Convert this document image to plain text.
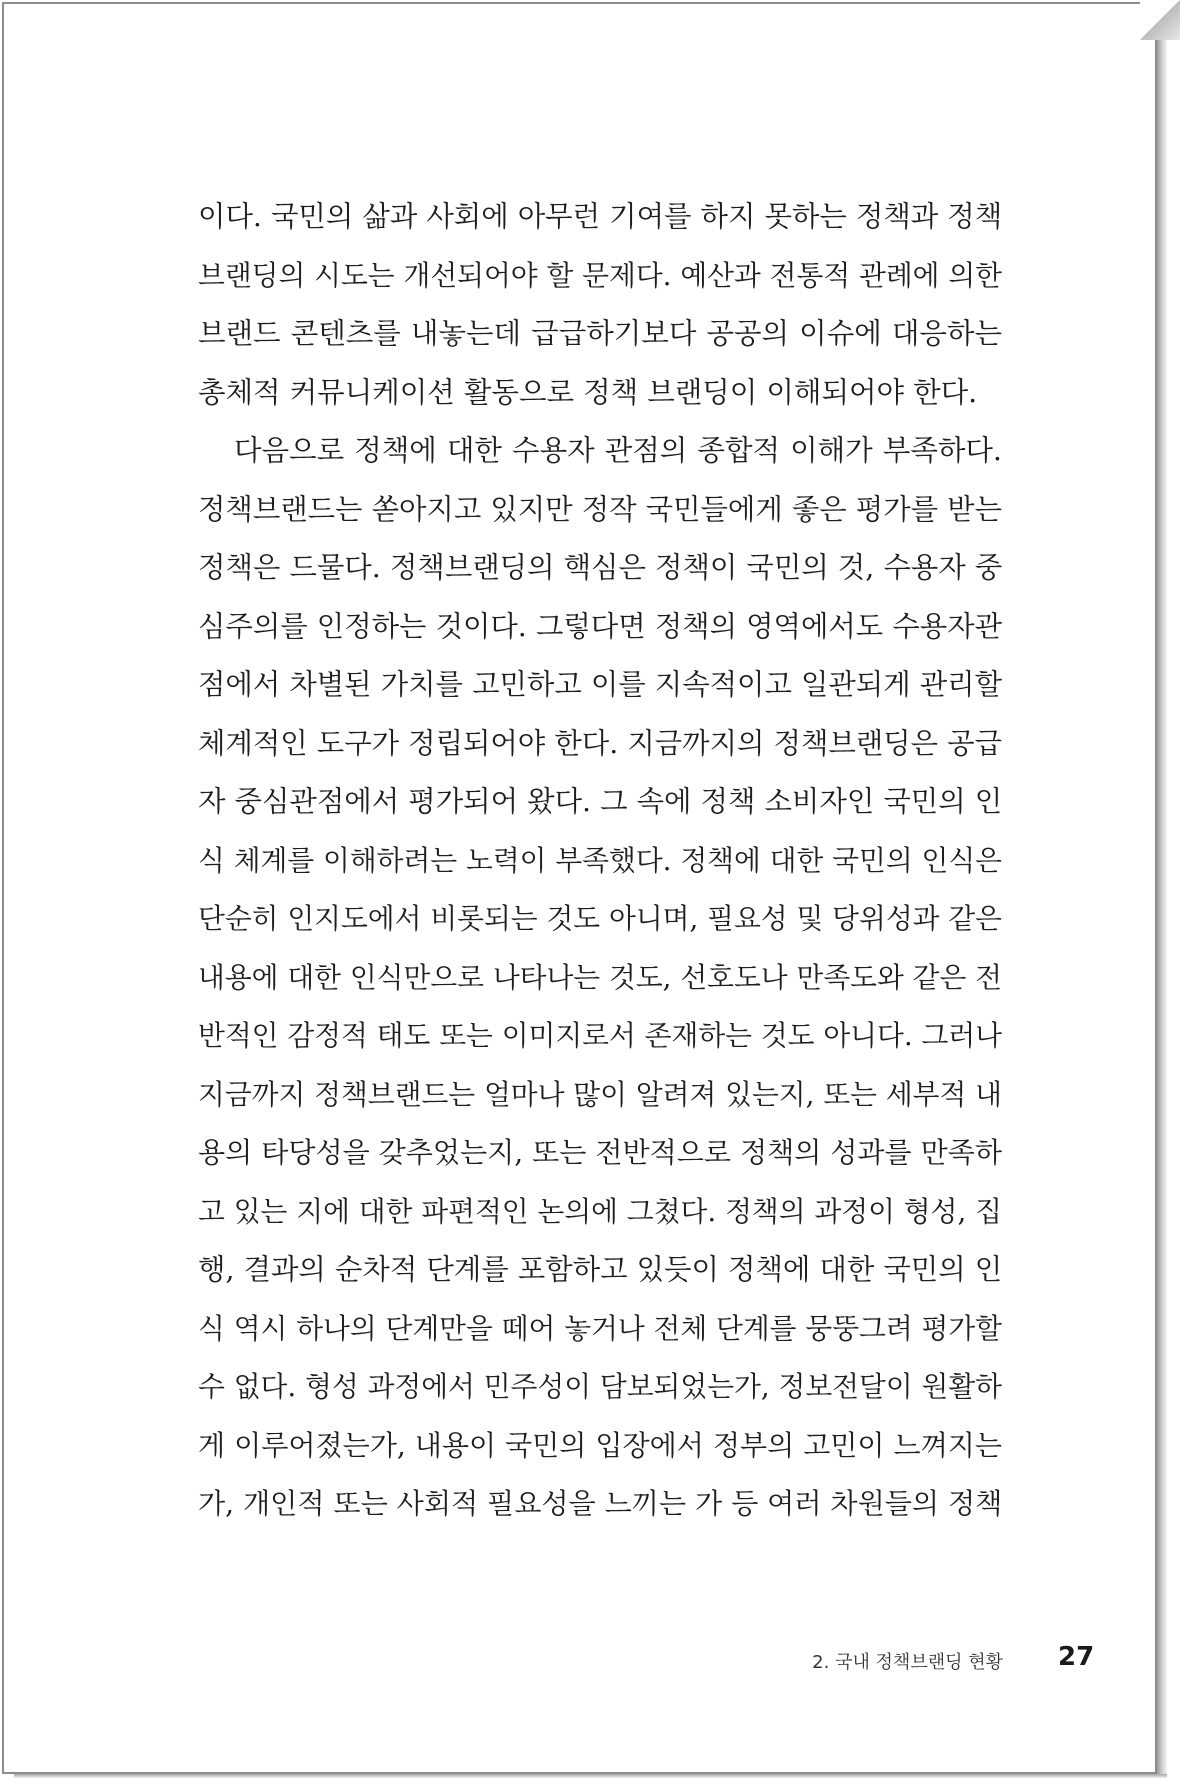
이다. 국민의 삶과 사회에 아무런 기여를 하지 못하는 정책과 정책
브랜딩의 시도는 개선되어야 할 문제다. 예산과 전통적 관례에 의한
브랜드 콘텐츠를 내놓는데 급급하기보다 공공의 이슈에 대응하는
총체적 커뮤니케이션 활동으로 정책 브랜딩이 이해되어야 한다.
다음으로 정책에 대한 수용자 관점의 종합적 이해가 부족하다.
정책브랜드는 쏟아지고 있지만 정작 국민들에게 좋은 평가를 받는
정책은 드물다. 정책브랜딩의 핵심은 정책이 국민의 것, 수용자 중
심주의를 인정하는 것이다. 그렇다면 정책의 영역에서도 수용자관
점에서 차별된 가치를 고민하고 이를 지속적이고 일관되게 관리할
체계적인 도구가 정립되어야 한다. 지금까지의 정책브랜딩은 공급
자 중심관점에서 평가되어 왔다. 그 속에 정책 소비자인 국민의 인
식 체계를 이해하려는 노력이 부족했다. 정책에 대한 국민의 인식은
단순히 인지도에서 비롯되는 것도 아니며, 필요성 및 당위성과 같은
내용에 대한 인식만으로 나타나는 것도, 선호도나 만족도와 같은 전
반적인 감정적 태도 또는 이미지로서 존재하는 것도 아니다. 그러나
지금까지 정책브랜드는 얼마나 많이 알려져 있는지, 또는 세부적 내
용의 타당성을 갖추었는지, 또는 전반적으로 정책의 성과를 만족하
고 있는 지에 대한 파편적인 논의에 그쳤다. 정책의 과정이 형성, 집
행, 결과의 순차적 단계를 포함하고 있듯이 정책에 대한 국민의 인
식 역시 하나의 단계만을 떼어 놓거나 전체 단계를 뭉뚱그려 평가할
수 없다. 형성 과정에서 민주성이 담보되었는가, 정보전달이 원활하
게 이루어졌는가, 내용이 국민의 입장에서 정부의 고민이 느껴지는
가, 개인적 또는 사회적 필요성을 느끼는 가 등 여러 차원들의 정책
2. 국내 정책브랜딩 현황 27
